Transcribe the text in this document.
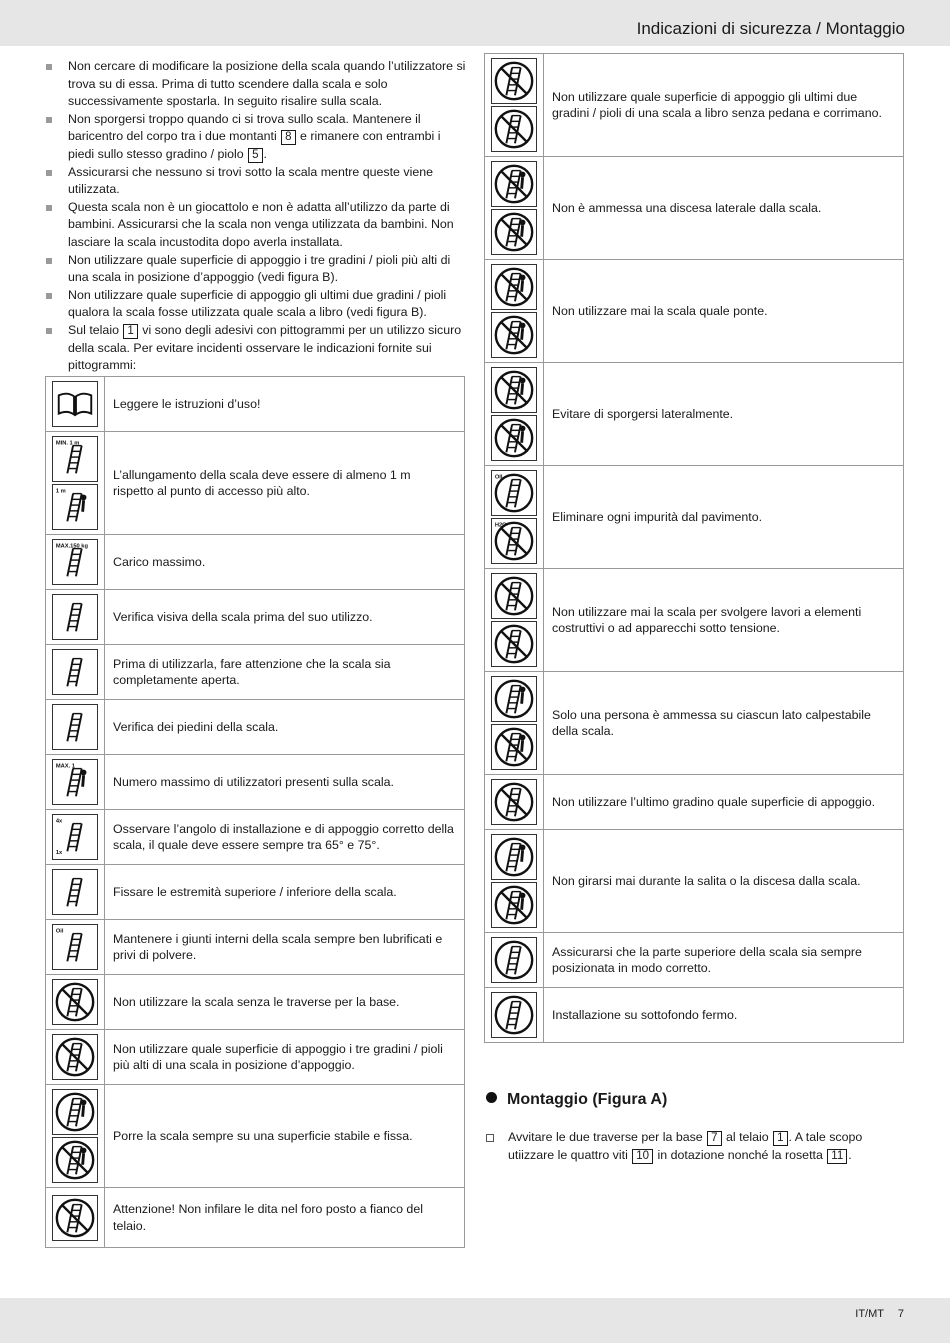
Indicazioni di sicurezza / Montaggio
Non cercare di modificare la posizione della scala quando l’utilizzatore si trova su di essa. Prima di tutto scendere dalla scala e solo successivamente spostarla. In seguito risalire sulla scala.
Non sporgersi troppo quando ci si trova sullo scala. Mantenere il baricentro del corpo tra i due montanti 8 e rimanere con entrambi i piedi sullo stesso gradino / piolo 5 .
Assicurarsi che nessuno si trovi sotto la scala mentre queste viene utilizzata.
Questa scala non è un giocattolo e non è adatta all’utilizzo da parte di bambini. Assicurarsi che la scala non venga utilizzata da bambini. Non lasciare la scala incustodita dopo averla installata.
Non utilizzare quale superficie di appoggio i tre gradini / pioli più alti di una scala in posizione d’appoggio (vedi figura B).
Non utilizzare quale superficie di appoggio gli ultimi due gradini / pioli qualora la scala fosse utilizzata quale scala a libro (vedi figura B).
Sul telaio 1 vi sono degli adesivi con pittogrammi per un utilizzo sicuro della scala. Per evitare incidenti osservare le indicazioni fornite sui pittogrammi:
	Leggere le istruzioni d’uso!

MIN. 1 m
1 m	L’allungamento della scala deve essere di almeno 1 m rispetto al punto di accesso più alto.

MAX.150 kg	Carico massimo.

	Verifica visiva della scala prima del suo utilizzo.

	Prima di utilizzarla, fare attenzione che la scala sia completamente aperta.

	Verifica dei piedini della scala.

MAX. 1	Numero massimo di utilizzatori presenti sulla scala.

4x
1x	Osservare l’angolo di installazione e di appoggio corretto della scala, il quale deve essere sempre tra 65° e 75°.

	Fissare le estremità superiore / inferiore della scala.

Oil	Mantenere i giunti interni della scala sempre ben lubrificati e privi di polvere.

	Non utilizzare la scala senza le traverse per la base.

	Non utilizzare quale superficie di appoggio i tre gradini / pioli più alti di una scala in posizione d’appoggio.

	Porre la scala sempre su una superficie stabile e fissa.

	Attenzione! Non infilare le dita nel foro posto a fianco del telaio.
	Non utilizzare quale superficie di appoggio gli ultimi due gradini / pioli di una scala a libro senza pedana e corrimano.

	Non è ammessa una discesa laterale dalla scala.

	Non utilizzare mai la scala quale ponte.

	Evitare di sporgersi lateralmente.

OIL
H2O	Eliminare ogni impurità dal pavimento.

	Non utilizzare mai la scala per svolgere lavori a elementi costruttivi o ad apparecchi sotto tensione.

	Solo una persona è ammessa su ciascun lato calpestabile della scala.

	Non utilizzare l’ultimo gradino quale superficie di appoggio.

	Non girarsi mai durante la salita o la discesa dalla scala.

	Assicurarsi che la parte superiore della scala sia sempre posizionata in modo corretto.

	Installazione su sottofondo fermo.
Montaggio (Figura A)
Avvitare le due traverse per la base 7 al telaio 1 . A tale scopo utiizzare le quattro viti 10 in dotazione nonché la rosetta 11 .
IT/MT 7
